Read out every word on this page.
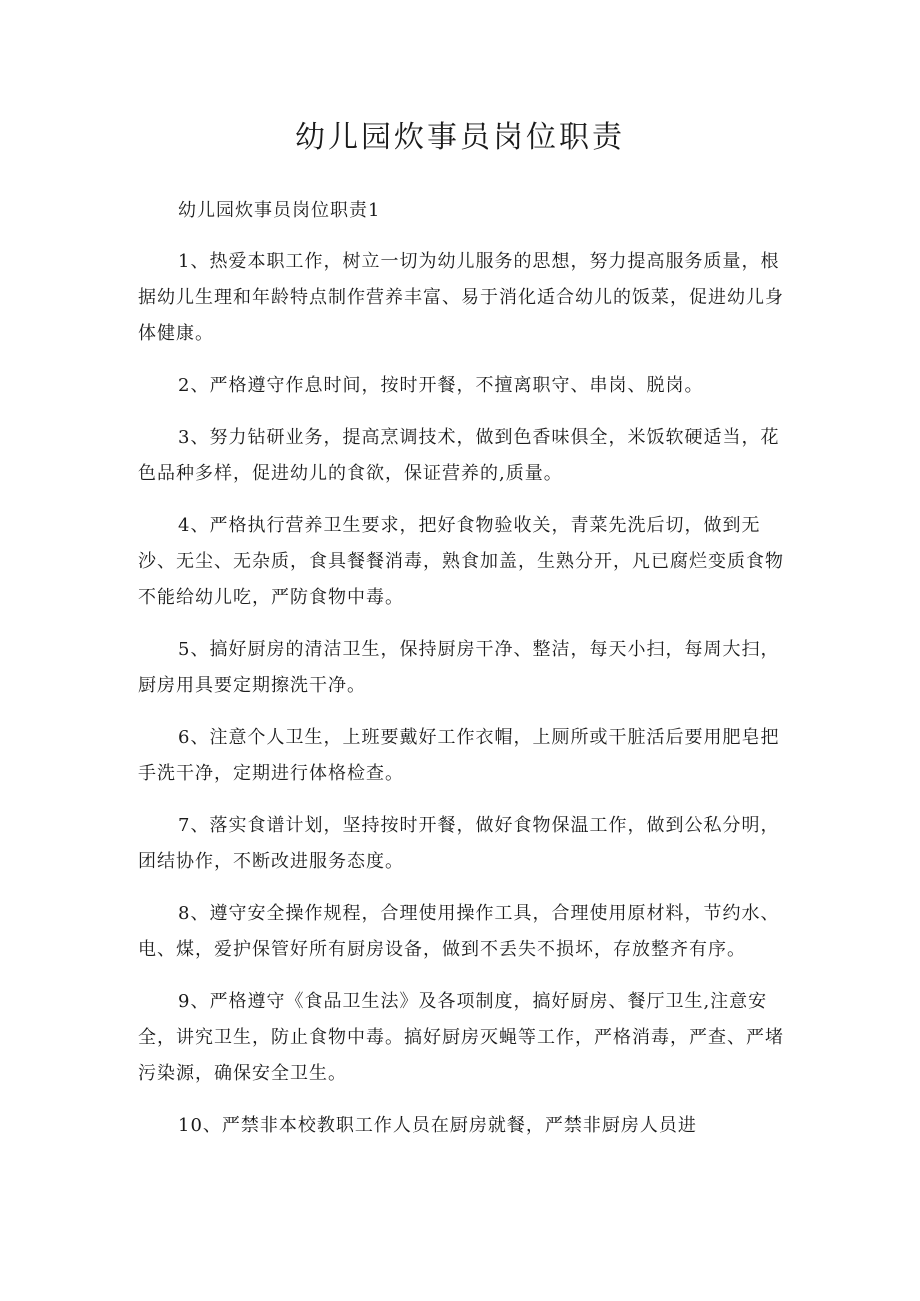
幼儿园炊事员岗位职责

幼儿园炊事员岗位职责1

1、热爱本职工作，树立一切为幼儿服务的思想，努力提高服务质量，根据幼儿生理和年龄特点制作营养丰富、易于消化适合幼儿的饭菜，促进幼儿身体健康。

2、严格遵守作息时间，按时开餐，不擅离职守、串岗、脱岗。

3、努力钻研业务，提高烹调技术，做到色香味俱全，米饭软硬适当，花色品种多样，促进幼儿的食欲，保证营养的,质量。

4、严格执行营养卫生要求，把好食物验收关，青菜先洗后切，做到无沙、无尘、无杂质，食具餐餐消毒，熟食加盖，生熟分开，凡已腐烂变质食物不能给幼儿吃，严防食物中毒。

5、搞好厨房的清洁卫生，保持厨房干净、整洁，每天小扫，每周大扫，厨房用具要定期擦洗干净。

6、注意个人卫生，上班要戴好工作衣帽，上厕所或干脏活后要用肥皂把手洗干净，定期进行体格检查。

7、落实食谱计划，坚持按时开餐，做好食物保温工作，做到公私分明，团结协作，不断改进服务态度。

8、遵守安全操作规程，合理使用操作工具，合理使用原材料，节约水、电、煤，爱护保管好所有厨房设备，做到不丢失不损坏，存放整齐有序。

9、严格遵守《食品卫生法》及各项制度，搞好厨房、餐厅卫生,注意安全，讲究卫生，防止食物中毒。搞好厨房灭蝇等工作，严格消毒，严查、严堵污染源，确保安全卫生。

10、严禁非本校教职工作人员在厨房就餐，严禁非厨房人员进
